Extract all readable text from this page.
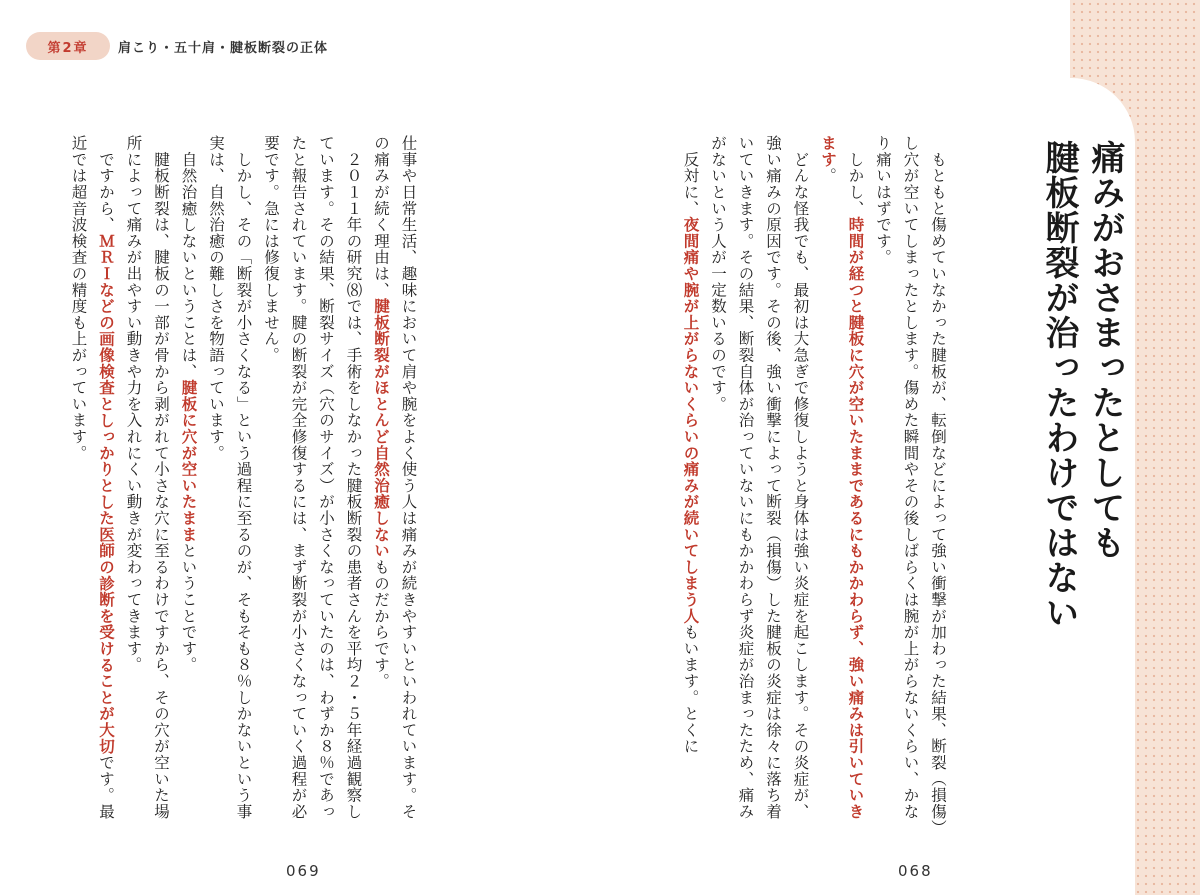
第2章 肩こり・五十肩・腱板断裂の正体
痛みがおさまったとしても
腱板断裂が治ったわけではない
　もともと傷めていなかった腱板が、転倒などによって強い衝撃が加わった結果、断裂（損傷）し穴が空いてしまったとします。傷めた瞬間やその後しばらくは腕が上がらないくらい、かなり痛いはずです。
　しかし、時間が経つと腱板に穴が空いたままであるにもかかわらず、強い痛みは引いていきます。
　どんな怪我でも、最初は大急ぎで修復しようと身体は強い炎症を起こします。その炎症が、強い痛みの原因です。その後、強い衝撃によって断裂（損傷）した腱板の炎症は徐々に落ち着いていきます。その結果、断裂自体が治っていないにもかかわらず炎症が治まったため、痛みがないという人が一定数いるのです。
　反対に、夜間痛や腕が上がらないくらいの痛みが続いてしまう人もいます。とくに
仕事や日常生活、趣味において肩や腕をよく使う人は痛みが続きやすいといわれています。その痛みが続く理由は、腱板断裂がほとんど自然治癒しないものだからです。
　２０１１年の研究⑻では、手術をしなかった腱板断裂の患者さんを平均２・５年経過観察しています。その結果、断裂サイズ（穴のサイズ）が小さくなっていたのは、わずか８％であったと報告されています。腱の断裂が完全修復するには、まず断裂が小さくなっていく過程が必要です。急には修復しません。
　しかし、その「断裂が小さくなる」という過程に至るのが、そもそも８％しかないという事実は、自然治癒の難しさを物語っています。
　自然治癒しないということは、腱板に穴が空いたままということです。
　腱板断裂は、腱板の一部が骨から剥がれて小さな穴に至るわけですから、その穴が空いた場所によって痛みが出やすい動きや力を入れにくい動きが変わってきます。
　ですから、ＭＲＩなどの画像検査としっかりとした医師の診断を受けることが大切です。最近では超音波検査の精度も上がっています。
069	068
